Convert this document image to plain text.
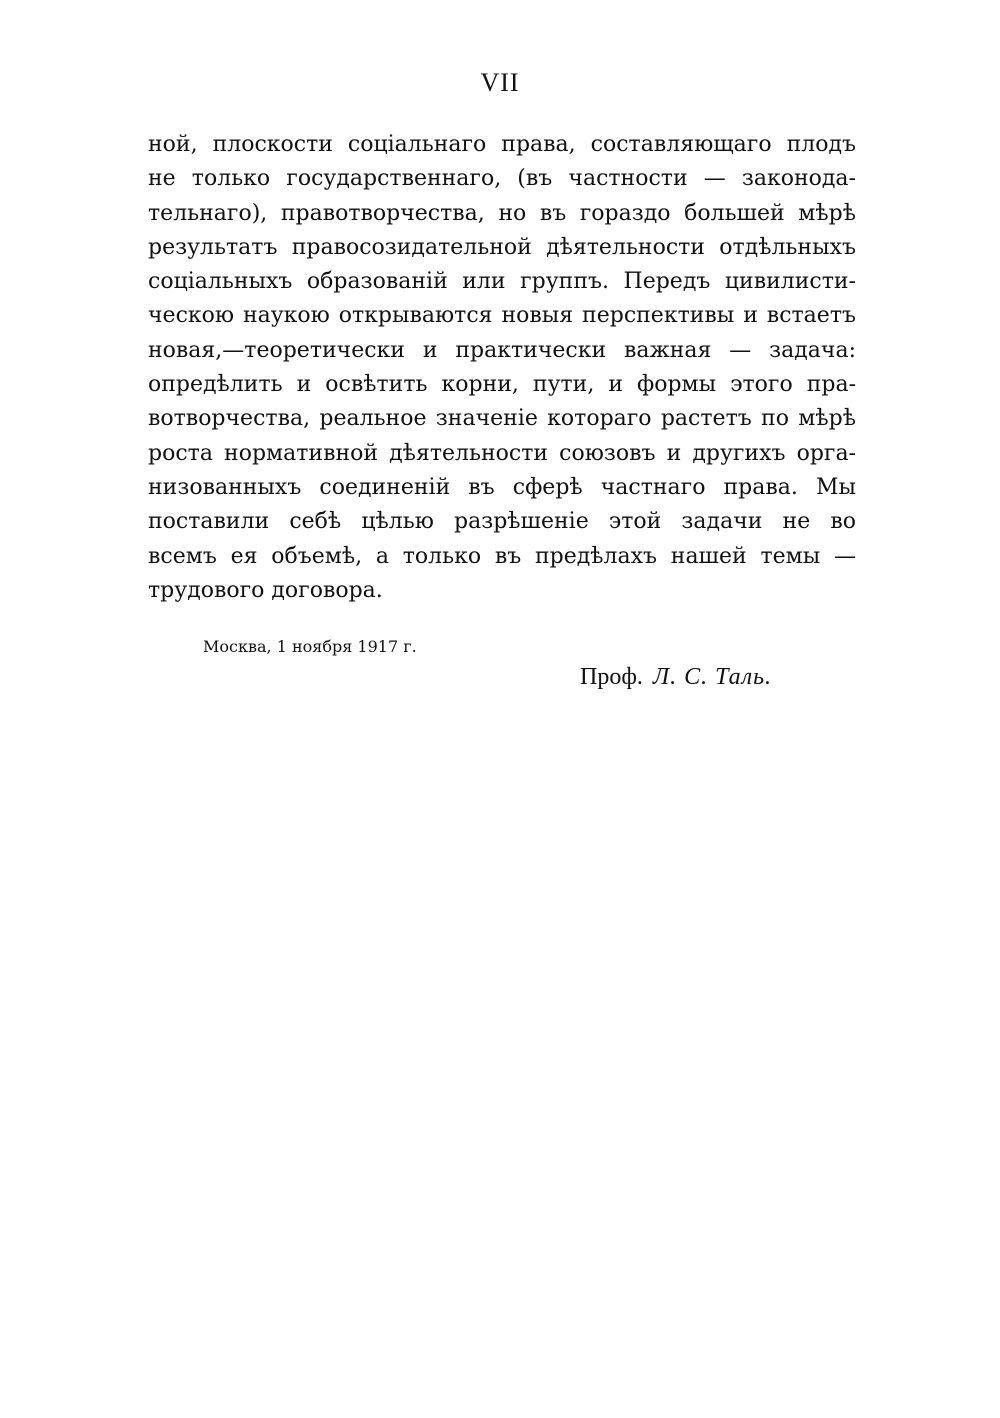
VII
ной, плоскости соціальнаго права, составляющаго плодъ
не только государственнаго, (въ частности — законода-
тельнаго), правотворчества, но въ гораздо большей мѣрѣ
результатъ правосозидательной дѣятельности отдѣльныхъ
соціальныхъ образованій или группъ. Передъ цивилисти-
ческою наукою открываются новыя перспективы и встаетъ
новая,—теоретически и практически важная — задача:
опредѣлить и освѣтить корни, пути, и формы этого пра-
вотворчества, реальное значеніе котораго растетъ по мѣрѣ
роста нормативной дѣятельности союзовъ и другихъ орга-
низованныхъ соединеній въ сферѣ частнаго права. Мы
поставили себѣ цѣлью разрѣшеніе этой задачи не во
всемъ ея объемѣ, а только въ предѣлахъ нашей темы —
трудового договора.
Москва, 1 ноября 1917 г.
Проф. Л. С. Таль.
